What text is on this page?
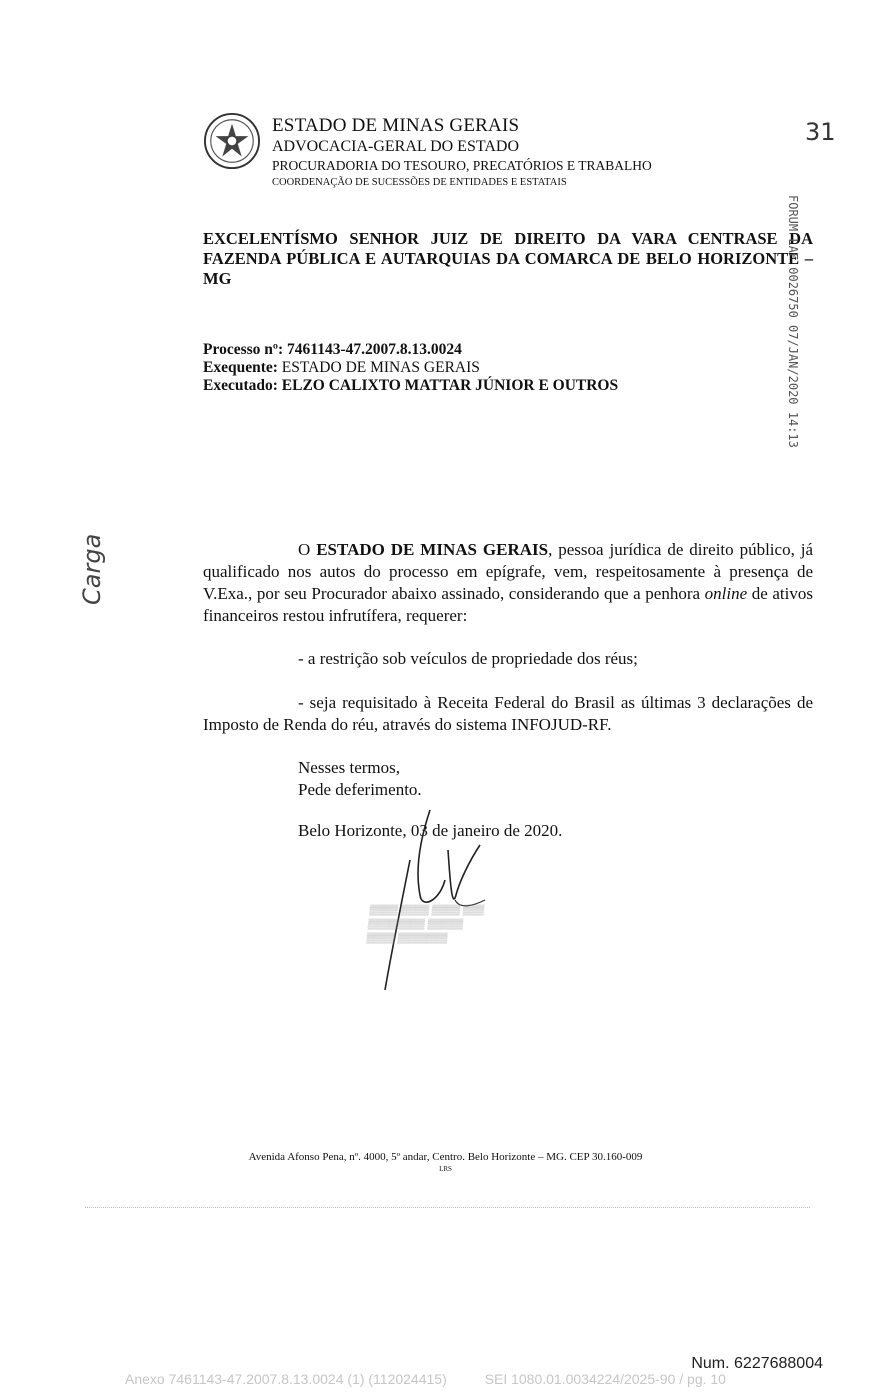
ESTADO DE MINAS GERAIS
ADVOCACIA-GERAL DO ESTADO
PROCURADORIA DO TESOURO, PRECATÓRIOS E TRABALHO
COORDENAÇÃO DE SUCESSÕES DE ENTIDADES E ESTATAIS
31
EXCELENTÍSMO SENHOR JUIZ DE DIREITO DA VARA CENTRASE DA FAZENDA PÚBLICA E AUTARQUIAS DA COMARCA DE BELO HORIZONTE – MG	FORUM LAF 0026750 07/JAN/2020 14:13
Processo nº: 7461143-47.2007.8.13.0024
Exequente: ESTADO DE MINAS GERAIS
Executado: ELZO CALIXTO MATTAR JÚNIOR E OUTROS
Carga	O ESTADO DE MINAS GERAIS, pessoa jurídica de direito público, já qualificado nos autos do processo em epígrafe, vem, respeitosamente à presença de V.Exa., por seu Procurador abaixo assinado, considerando que a penhora online de ativos financeiros restou infrutífera, requerer:
- a restrição sob veículos de propriedade dos réus;
- seja requisitado à Receita Federal do Brasil as últimas 3 declarações de Imposto de Renda do réu, através do sistema INFOJUD-RF.
Nesses termos,
Pede deferimento.
Belo Horizonte, 03 de janeiro de 2020.
▒▒▒▒ ▒▒▒▒ ▒▒▒▒ ▒▒▒
▒▒▒▒▒▒▒▒ ▒▒▒▒▒
▒▒▒▒ ▒▒▒▒▒▒▒
Avenida Afonso Pena, nº. 4000, 5º andar, Centro. Belo Horizonte – MG. CEP 30.160-009
LRS
Num. 6227688004
Anexo 7461143-47.2007.8.13.0024 (1) (112024415)	SEI 1080.01.0034224/2025-90 / pg. 10
